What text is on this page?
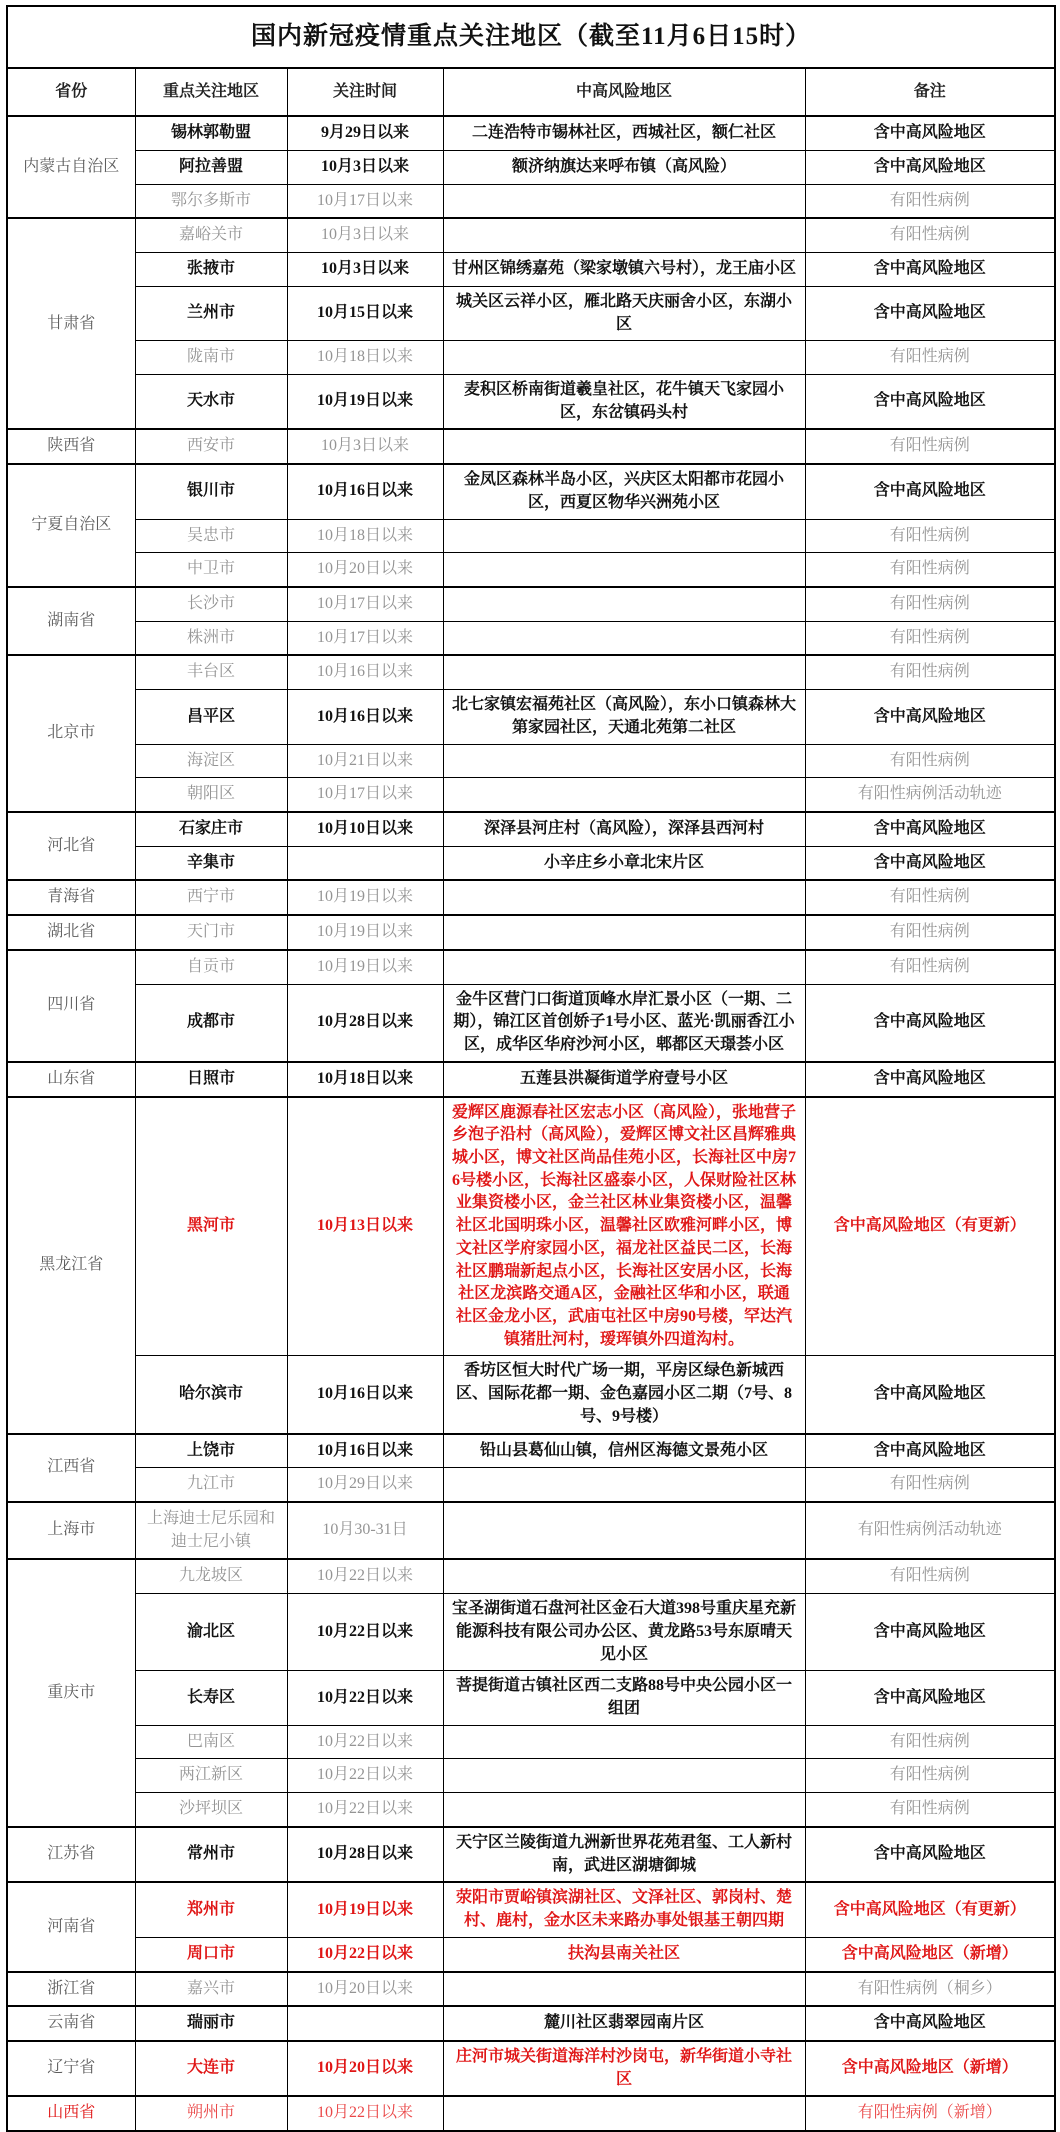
国内新冠疫情重点关注地区（截至11月6日15时）				
省份	重点关注地区	关注时间	中高风险地区	备注
内蒙古自治区	锡林郭勒盟	9月29日以来	二连浩特市锡林社区，西城社区，额仁社区	含中高风险地区
	阿拉善盟	10月3日以来	额济纳旗达来呼布镇（高风险）	含中高风险地区
	鄂尔多斯市	10月17日以来		有阳性病例
甘肃省	嘉峪关市	10月3日以来		有阳性病例
	张掖市	10月3日以来	甘州区锦绣嘉苑（梁家墩镇六号村），龙王庙小区	含中高风险地区
	兰州市	10月15日以来	城关区云祥小区，雁北路天庆丽舍小区，东湖小区	含中高风险地区
	陇南市	10月18日以来		有阳性病例
	天水市	10月19日以来	麦积区桥南街道羲皇社区，花牛镇天飞家园小区，东岔镇码头村	含中高风险地区
陕西省	西安市	10月3日以来		有阳性病例
宁夏自治区	银川市	10月16日以来	金凤区森林半岛小区，兴庆区太阳都市花园小区，西夏区物华兴洲苑小区	含中高风险地区
	吴忠市	10月18日以来		有阳性病例
	中卫市	10月20日以来		有阳性病例
湖南省	长沙市	10月17日以来		有阳性病例
	株洲市	10月17日以来		有阳性病例
北京市	丰台区	10月16日以来		有阳性病例
	昌平区	10月16日以来	北七家镇宏福苑社区（高风险），东小口镇森林大第家园社区，天通北苑第二社区	含中高风险地区
	海淀区	10月21日以来		有阳性病例
	朝阳区	10月17日以来		有阳性病例活动轨迹
河北省	石家庄市	10月10日以来	深泽县河庄村（高风险），深泽县西河村	含中高风险地区
	辛集市		小辛庄乡小章北宋片区	含中高风险地区
青海省	西宁市	10月19日以来		有阳性病例
湖北省	天门市	10月19日以来		有阳性病例
四川省	自贡市	10月19日以来		有阳性病例
	成都市	10月28日以来	金牛区营门口街道顶峰水岸汇景小区（一期、二期），锦江区首创娇子1号小区、蓝光·凯丽香江小区，成华区华府沙河小区，郫都区天璟荟小区	含中高风险地区
山东省	日照市	10月18日以来	五莲县洪凝街道学府壹号小区	含中高风险地区
黑龙江省	黑河市	10月13日以来	爱辉区鹿源春社区宏志小区（高风险），张地营子乡泡子沿村（高风险），爱辉区博文社区昌辉雅典城小区，博文社区尚品佳苑小区，长海社区中房76号楼小区，长海社区盛泰小区，人保财险社区林业集资楼小区，金兰社区林业集资楼小区，温馨社区北国明珠小区，温馨社区欧雅河畔小区，博文社区学府家园小区，福龙社区益民二区，长海社区鹏瑞新起点小区，长海社区安居小区，长海社区龙滨路交通A区，金融社区华和小区，联通社区金龙小区，武庙屯社区中房90号楼，罕达汽镇猪肚河村，瑷珲镇外四道沟村。	含中高风险地区（有更新）
	哈尔滨市	10月16日以来	香坊区恒大时代广场一期，平房区绿色新城西区、国际花都一期、金色嘉园小区二期（7号、8号、9号楼）	含中高风险地区
江西省	上饶市	10月16日以来	铅山县葛仙山镇，信州区海德文景苑小区	含中高风险地区
	九江市	10月29日以来		有阳性病例
上海市	上海迪士尼乐园和迪士尼小镇	10月30-31日		有阳性病例活动轨迹
重庆市	九龙坡区	10月22日以来		有阳性病例
	渝北区	10月22日以来	宝圣湖街道石盘河社区金石大道398号重庆星充新能源科技有限公司办公区、黄龙路53号东原晴天见小区	含中高风险地区
	长寿区	10月22日以来	菩提街道古镇社区西二支路88号中央公园小区一组团	含中高风险地区
	巴南区	10月22日以来		有阳性病例
	两江新区	10月22日以来		有阳性病例
	沙坪坝区	10月22日以来		有阳性病例
江苏省	常州市	10月28日以来	天宁区兰陵街道九洲新世界花苑君玺、工人新村南，武进区湖塘御城	含中高风险地区
河南省	郑州市	10月19日以来	荥阳市贾峪镇滨湖社区、文泽社区、郭岗村、楚村、鹿村，金水区未来路办事处银基王朝四期	含中高风险地区（有更新）
	周口市	10月22日以来	扶沟县南关社区	含中高风险地区（新增）
浙江省	嘉兴市	10月20日以来		有阳性病例（桐乡）
云南省	瑞丽市		麓川社区翡翠园南片区	含中高风险地区
辽宁省	大连市	10月20日以来	庄河市城关街道海洋村沙岗屯，新华街道小寺社区	含中高风险地区（新增）
山西省	朔州市	10月22日以来		有阳性病例（新增）
